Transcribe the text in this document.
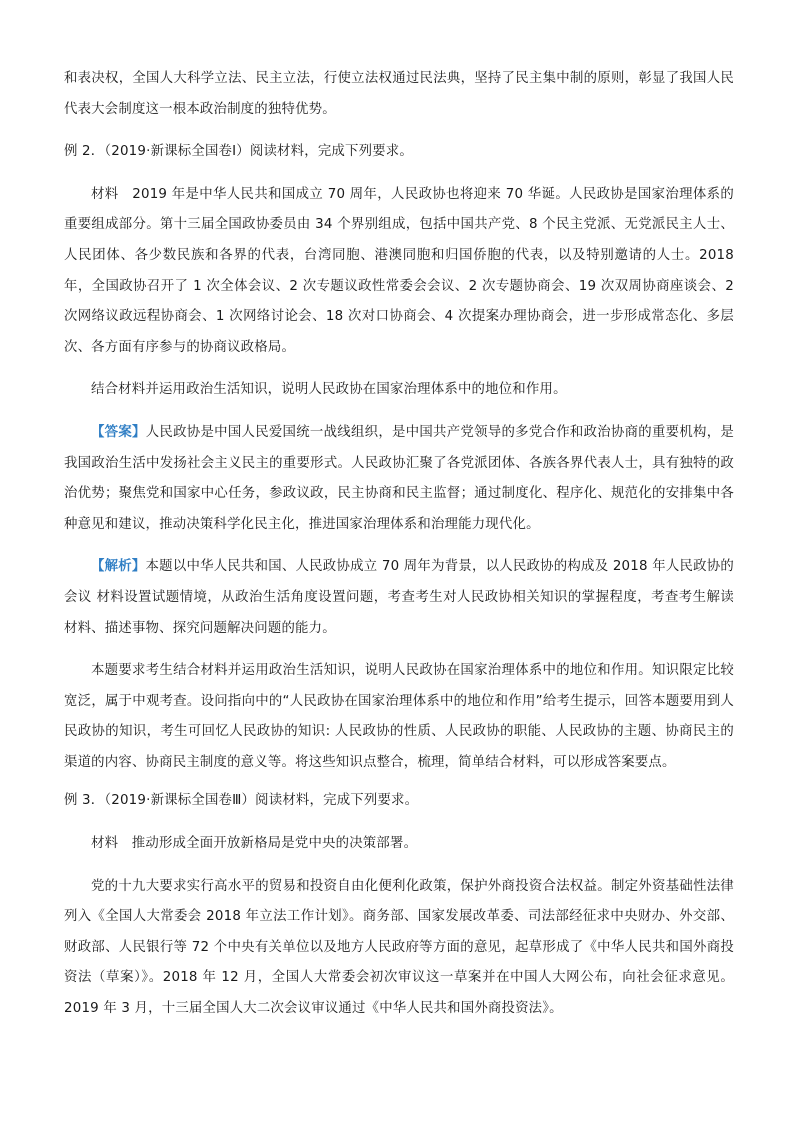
和表决权，全国人大科学立法、民主立法，行使立法权通过民法典，坚持了民主集中制的原则，彰显了我国人民代表大会制度这一根本政治制度的独特优势。

例 2．（2019·新课标全国卷Ⅰ）阅读材料，完成下列要求。

材料　2019 年是中华人民共和国成立 70 周年，人民政协也将迎来 70 华诞。人民政协是国家治理体系的重要组成部分。第十三届全国政协委员由 34 个界别组成，包括中国共产党、8 个民主党派、无党派民主人士、人民团体、各少数民族和各界的代表，台湾同胞、港澳同胞和归国侨胞的代表，以及特别邀请的人士。2018 年，全国政协召开了 1 次全体会议、2 次专题议政性常委会会议、2 次专题协商会、19 次双周协商座谈会、2 次网络议政远程协商会、1 次网络讨论会、18 次对口协商会、4 次提案办理协商会，进一步形成常态化、多层次、各方面有序参与的协商议政格局。

结合材料并运用政治生活知识，说明人民政协在国家治理体系中的地位和作用。

【答案】人民政协是中国人民爱国统一战线组织，是中国共产党领导的多党合作和政治协商的重要机构，是我国政治生活中发扬社会主义民主的重要形式。人民政协汇聚了各党派团体、各族各界代表人士，具有独特的政治优势；聚焦党和国家中心任务，参政议政，民主协商和民主监督；通过制度化、程序化、规范化的安排集中各种意见和建议，推动决策科学化民主化，推进国家治理体系和治理能力现代化。

【解析】本题以中华人民共和国、人民政协成立 70 周年为背景，以人民政协的构成及 2018 年人民政协的会议 材料设置试题情境，从政治生活角度设置问题，考查考生对人民政协相关知识的掌握程度，考查考生解读材料、描述事物、探究问题解决问题的能力。

本题要求考生结合材料并运用政治生活知识，说明人民政协在国家治理体系中的地位和作用。知识限定比较宽泛，属于中观考查。设问指向中的“人民政协在国家治理体系中的地位和作用”给考生提示，回答本题要用到人民政协的知识，考生可回忆人民政协的知识: 人民政协的性质、人民政协的职能、人民政协的主题、协商民主的渠道的内容、协商民主制度的意义等。将这些知识点整合，梳理，简单结合材料，可以形成答案要点。

例 3．（2019·新课标全国卷Ⅲ）阅读材料，完成下列要求。

材料　推动形成全面开放新格局是党中央的决策部署。

党的十九大要求实行高水平的贸易和投资自由化便利化政策，保护外商投资合法权益。制定外资基础性法律列入《全国人大常委会 2018 年立法工作计划》。商务部、国家发展改革委、司法部经征求中央财办、外交部、财政部、人民银行等 72 个中央有关单位以及地方人民政府等方面的意见，起草形成了《中华人民共和国外商投资法（草案）》。2018 年 12 月，全国人大常委会初次审议这一草案并在中国人大网公布，向社会征求意见。2019 年 3 月，十三届全国人大二次会议审议通过《中华人民共和国外商投资法》。
